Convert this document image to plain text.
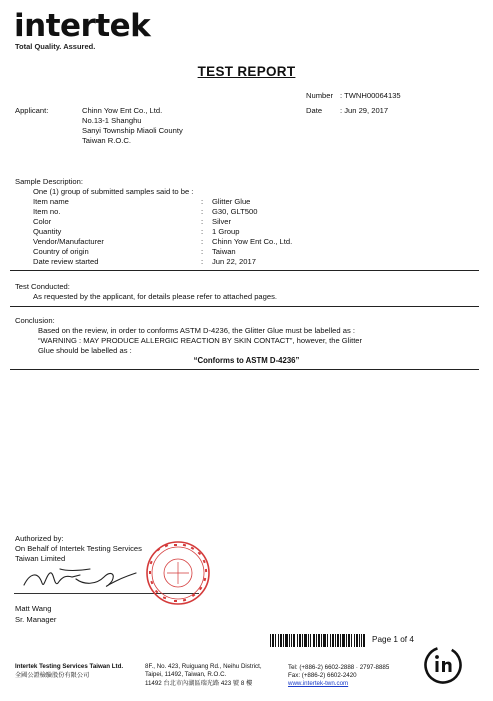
intertek
Total Quality. Assured.
TEST REPORT
Number : TWNH00064135
Date : Jun 29, 2017
Applicant:	Chinn Yow Ent Co., Ltd.
No.13-1 Shanghu
Sanyi Township Miaoli County
Taiwan R.O.C.
Sample Description:
One (1) group of submitted samples said to be :
Item name	: Glitter Glue
Item no.	: G30, GLT500
Color	: Silver
Quantity	: 1 Group
Vendor/Manufacturer	: Chinn Yow Ent Co., Ltd.
Country of origin	: Taiwan
Date review started	: Jun 22, 2017
Test Conducted:
As requested by the applicant, for details please refer to attached pages.
Conclusion:
Based on the review, in order to conforms ASTM D-4236, the Glitter Glue must be labelled as :
“WARNING : MAY PRODUCE ALLERGIC REACTION BY SKIN CONTACT”, however, the Glitter
Glue should be labelled as :
“Conforms to ASTM D-4236”
Authorized by:
On Behalf of Intertek Testing Services
Taiwan Limited
Matt Wang
Sr. Manager
Page 1 of 4
Intertek Testing Services Taiwan Ltd.
全國公證檢驗股份有限公司
8F., No. 423, Ruiguang Rd., Neihu District,
Taipei, 11492, Taiwan, R.O.C.
11492 台北市內湖區瑞光路 423 號 8 樓
Tel: (+886-2) 6602-2888 · 2797-8885
Fax: (+886-2) 6602-2420
www.intertek-twn.com
